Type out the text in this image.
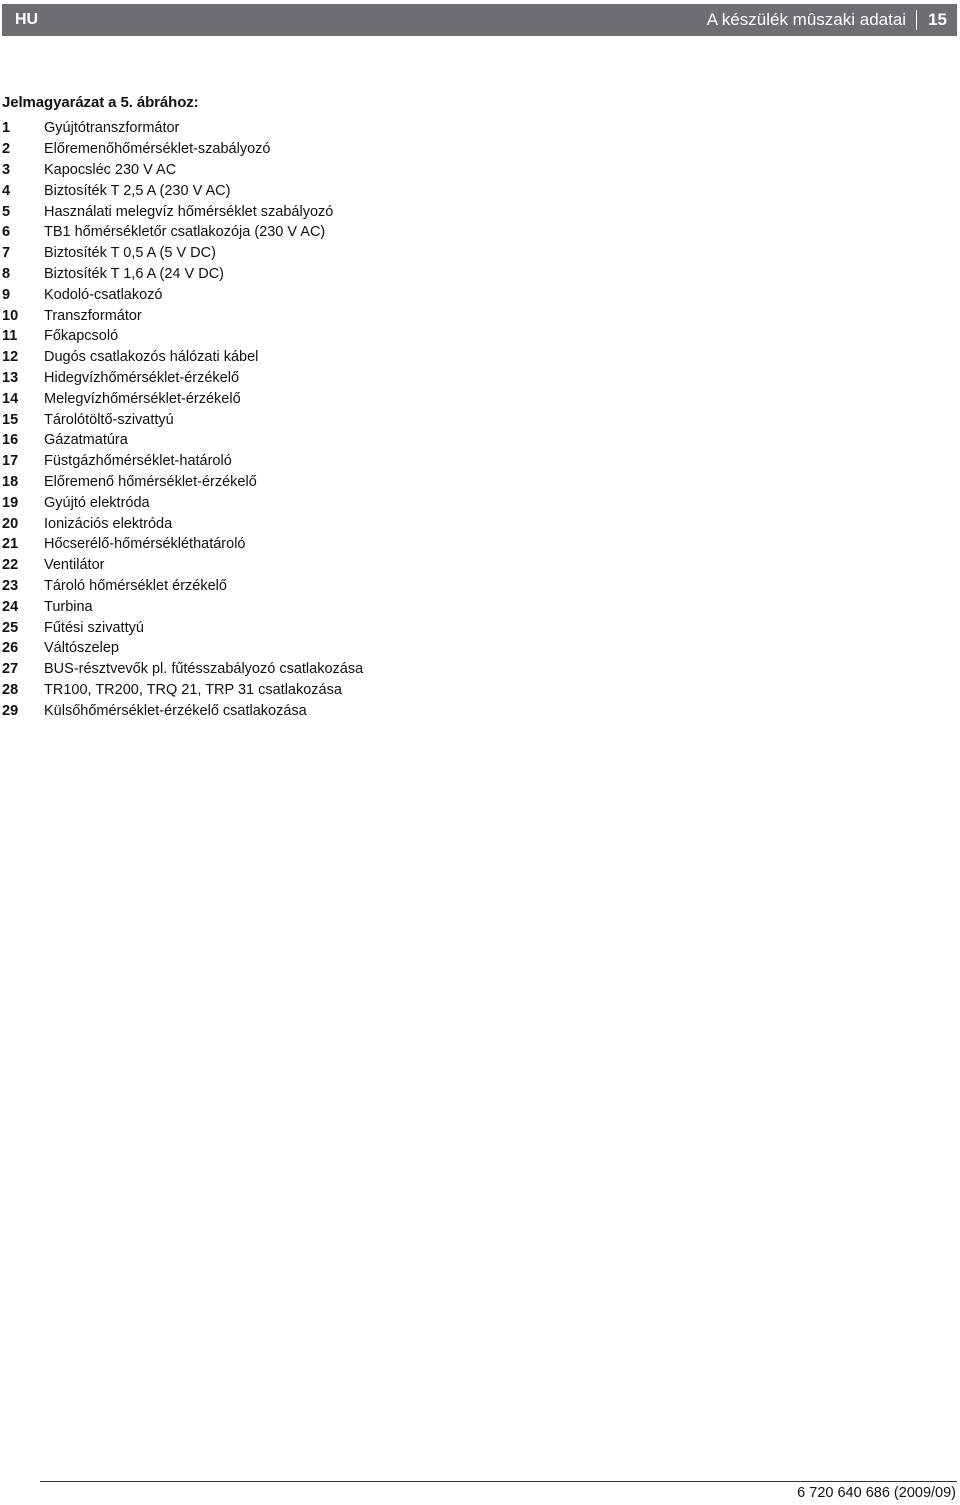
HU	A készülék mûszaki adatai 15
Jelmagyarázat a 5. ábrához:
1	Gyújtótranszformátor
2	Előremenőhőmérséklet-szabályozó
3	Kapocsléc 230 V AC
4	Biztosíték T 2,5 A (230 V AC)
5	Használati melegvíz hőmérséklet szabályozó
6	TB1 hőmérsékletőr csatlakozója (230 V AC)
7	Biztosíték T 0,5 A (5 V DC)
8	Biztosíték T 1,6 A (24 V DC)
9	Kodoló-csatlakozó
10	Transzformátor
11	Főkapcsoló
12	Dugós csatlakozós hálózati kábel
13	Hidegvízhőmérséklet-érzékelő
14	Melegvízhőmérséklet-érzékelő
15	Tárolótöltő-szivattyú
16	Gázatmatúra
17	Füstgázhőmérséklet-határoló
18	Előremenő hőmérséklet-érzékelő
19	Gyújtó elektróda
20	Ionizációs elektróda
21	Hőcserélő-hőmérsékléthatároló
22	Ventilátor
23	Tároló hőmérséklet érzékelő
24	Turbina
25	Fűtési szivattyú
26	Váltószelep
27	BUS-résztvevők pl. fűtésszabályozó csatlakozása
28	TR100, TR200, TRQ 21, TRP 31 csatlakozása
29	Külsőhőmérséklet-érzékelő csatlakozása
6 720 640 686 (2009/09)
